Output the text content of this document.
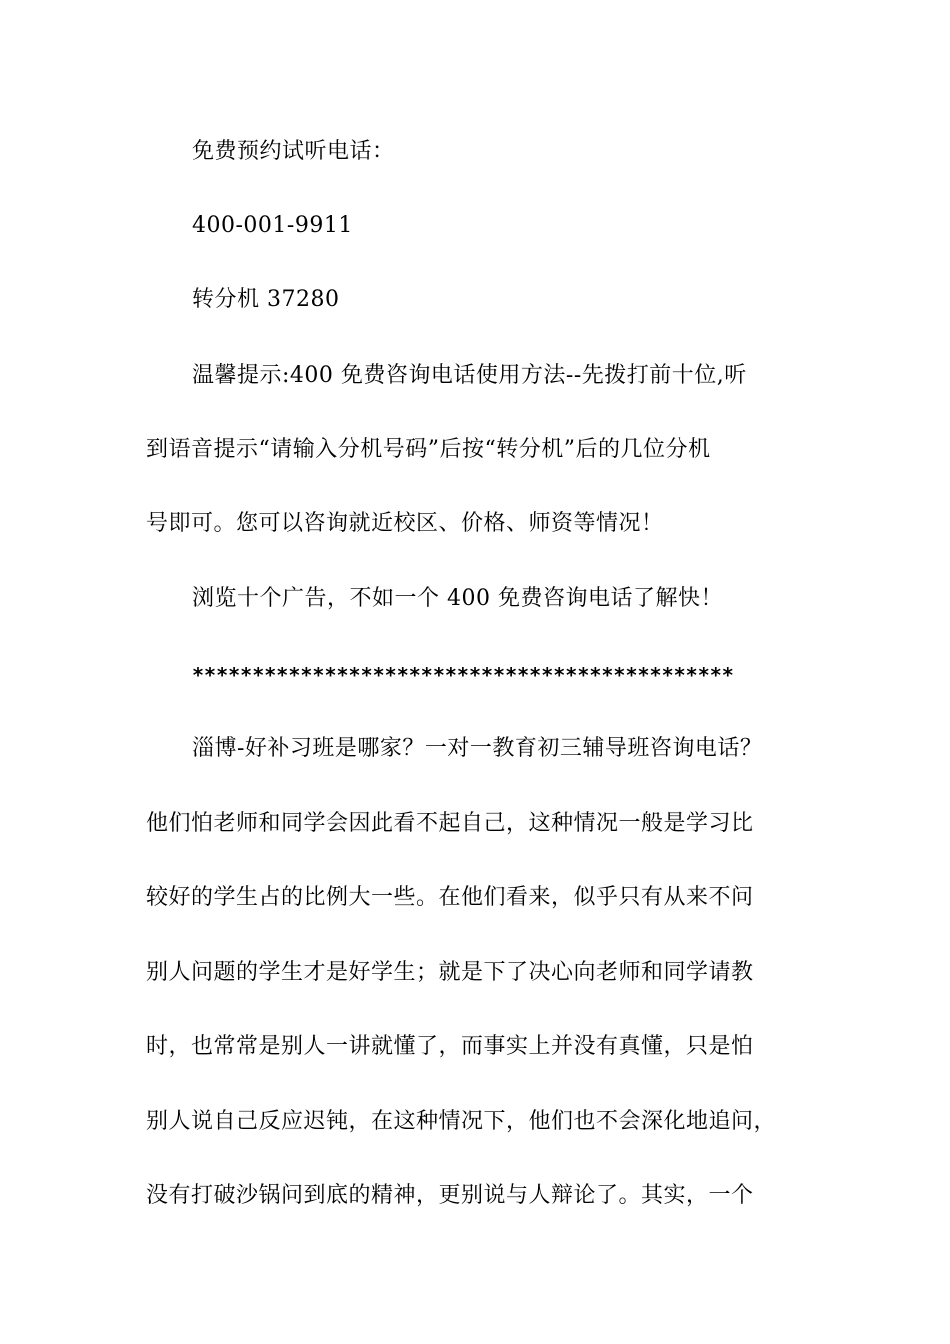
免费预约试听电话：
400-001-9911
转分机 37280
温馨提示:400 免费咨询电话使用方法--先拨打前十位,听
到语音提示“请输入分机号码”后按“转分机”后的几位分机
号即可。您可以咨询就近校区、价格、师资等情况！
浏览十个广告，不如一个 400 免费咨询电话了解快！
*********************************************
淄博-好补习班是哪家？一对一教育初三辅导班咨询电话？
他们怕老师和同学会因此看不起自己，这种情况一般是学习比
较好的学生占的比例大一些。在他们看来，似乎只有从来不问
别人问题的学生才是好学生；就是下了决心向老师和同学请教
时，也常常是别人一讲就懂了，而事实上并没有真懂，只是怕
别人说自己反应迟钝，在这种情况下，他们也不会深化地追问，
没有打破沙锅问到底的精神，更别说与人辩论了。其实，一个
